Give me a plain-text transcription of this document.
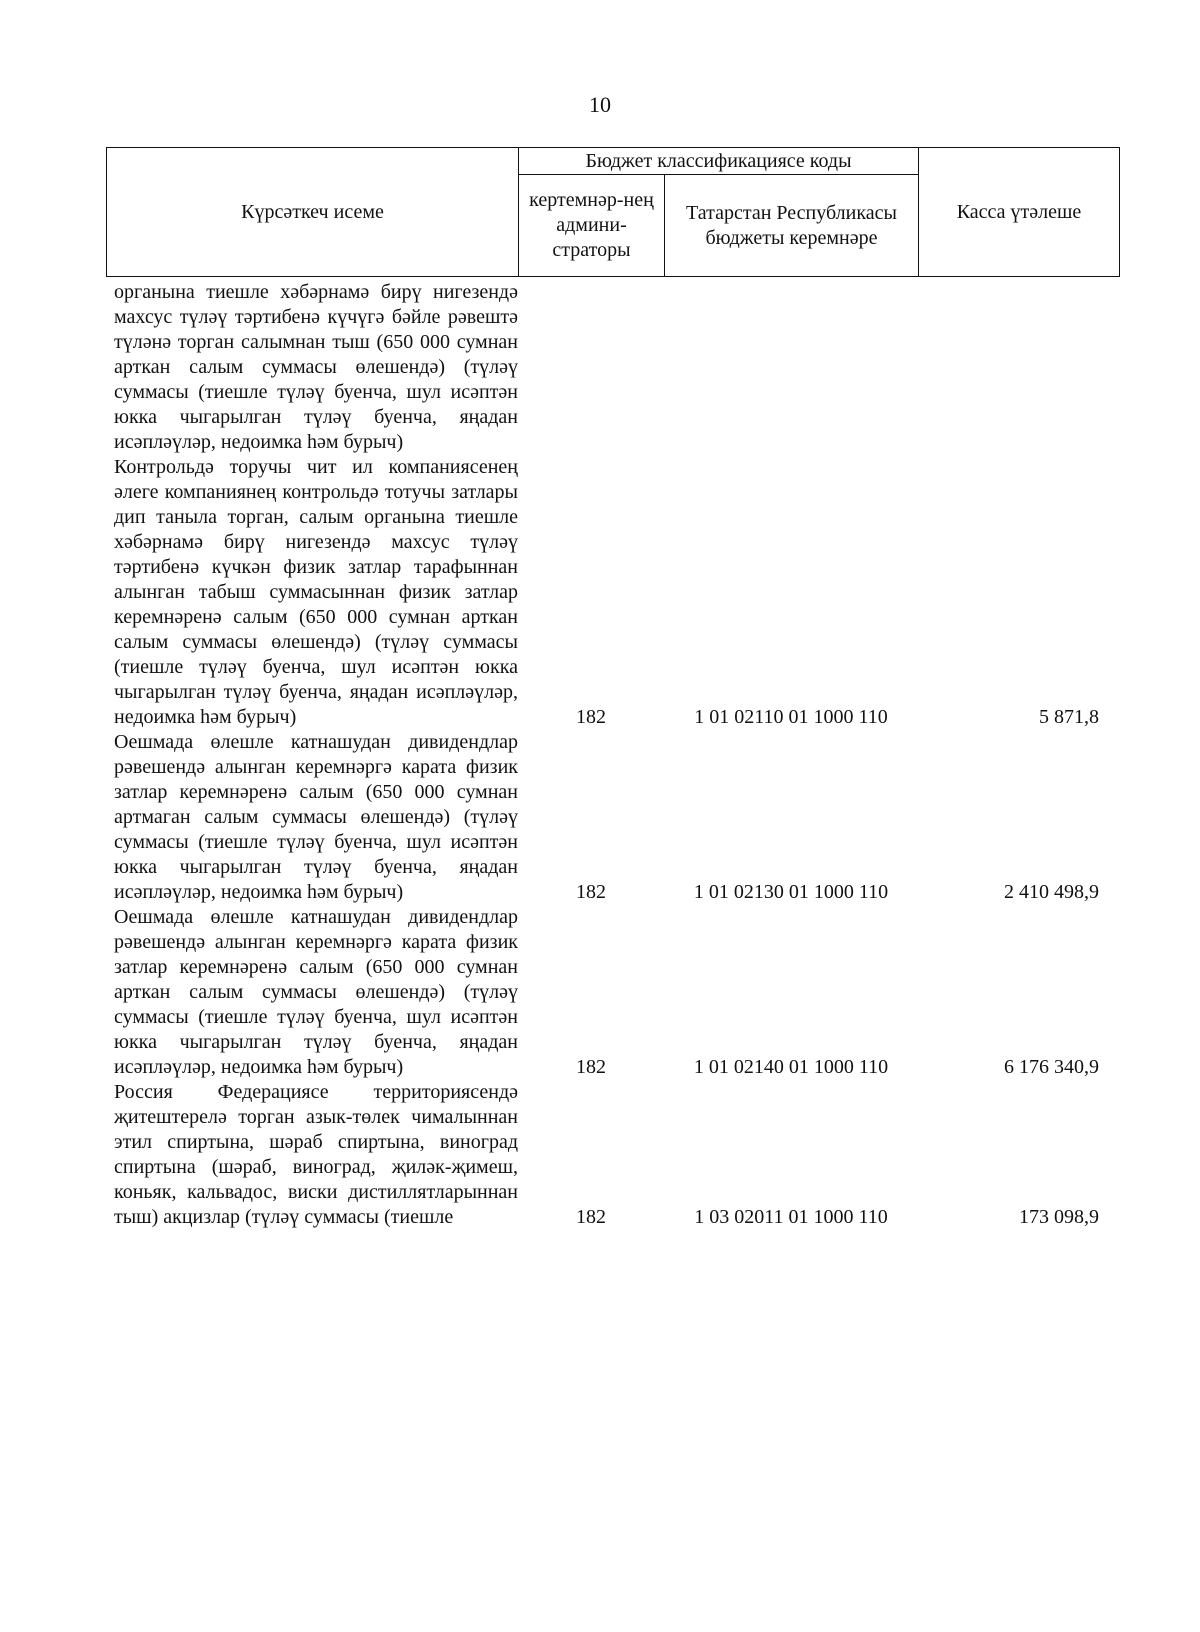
10
Күрсәткеч исеме	Бюджет классификациясе коды		Касса үтәлеше
	кертемнәр-нең админи-страторы	Татарстан Республикасы бюджеты керемнәре	

органына тиешле хәбәрнамә бирү нигезендә махсус түләү тәртибенә күчүгә бәйле рәвештә түләнә торган салымнан тыш (650 000 сумнан арткан салым суммасы өлешендә) (түләү суммасы (тиешле түләү буенча, шул исәптән юкка чыгарылган түләү буенча, яңадан исәпләүләр, недоимка һәм бурыч)			

Контрольдә торучы чит ил компаниясенең әлеге компаниянең контрольдә тотучы затлары дип таныла торган, салым органына тиешле хәбәрнамә бирү нигезендә махсус түләү тәртибенә күчкән физик затлар тарафыннан алынган табыш суммасыннан физик затлар керемнәренә салым (650 000 сумнан арткан салым суммасы өлешендә) (түләү суммасы (тиешле түләү буенча, шул исәптән юкка чыгарылган түләү буенча, яңадан исәпләүләр, недоимка һәм бурыч)	182	1 01 02110 01 1000 110	5 871,8

Оешмада өлешле катнашудан дивидендлар рәвешендә алынган керемнәргә карата физик затлар керемнәренә салым (650 000 сумнан артмаган салым суммасы өлешендә) (түләү суммасы (тиешле түләү буенча, шул исәптән юкка чыгарылган түләү буенча, яңадан исәпләүләр, недоимка һәм бурыч)	182	1 01 02130 01 1000 110	2 410 498,9

Оешмада өлешле катнашудан дивидендлар рәвешендә алынган керемнәргә карата физик затлар керемнәренә салым (650 000 сумнан арткан салым суммасы өлешендә) (түләү суммасы (тиешле түләү буенча, шул исәптән юкка чыгарылган түләү буенча, яңадан исәпләүләр, недоимка һәм бурыч)	182	1 01 02140 01 1000 110	6 176 340,9

Россия Федерациясе территориясендә җитештерелә торган азык-төлек чималыннан этил спиртына, шәраб спиртына, виноград спиртына (шәраб, виноград, җиләк-җимеш, коньяк, кальвадос, виски дистиллятларыннан тыш) акцизлар (түләү суммасы (тиешле	182	1 03 02011 01 1000 110	173 098,9
